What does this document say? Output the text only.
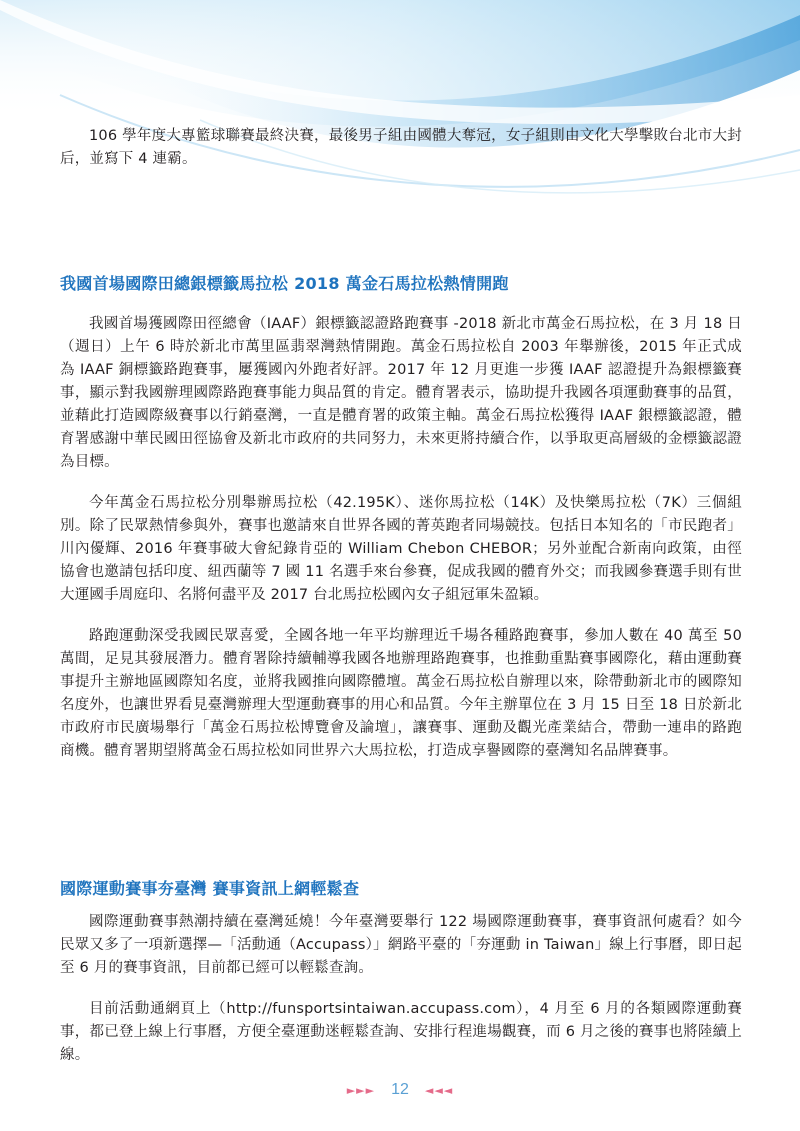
106 學年度大專籃球聯賽最終決賽，最後男子組由國體大奪冠，女子組則由文化大學擊敗台北市大封后，並寫下 4 連霸。

我國首場國際田總銀標籤馬拉松 2018 萬金石馬拉松熱情開跑

我國首場獲國際田徑總會（IAAF）銀標籤認證路跑賽事 -2018 新北市萬金石馬拉松，在 3 月 18 日（週日）上午 6 時於新北市萬里區翡翠灣熱情開跑。萬金石馬拉松自 2003 年舉辦後，2015 年正式成為 IAAF 銅標籤路跑賽事，屢獲國內外跑者好評。2017 年 12 月更進一步獲 IAAF 認證提升為銀標籤賽事，顯示對我國辦理國際路跑賽事能力與品質的肯定。體育署表示，協助提升我國各項運動賽事的品質，並藉此打造國際級賽事以行銷臺灣，一直是體育署的政策主軸。萬金石馬拉松獲得 IAAF 銀標籤認證，體育署感謝中華民國田徑協會及新北市政府的共同努力，未來更將持續合作，以爭取更高層級的金標籤認證為目標。

今年萬金石馬拉松分別舉辦馬拉松（42.195K）、迷你馬拉松（14K）及快樂馬拉松（7K）三個組別。除了民眾熱情參與外，賽事也邀請來自世界各國的菁英跑者同場競技。包括日本知名的「市民跑者」川內優輝、2016 年賽事破大會紀錄肯亞的 William Chebon CHEBOR；另外並配合新南向政策，由徑協會也邀請包括印度、紐西蘭等 7 國 11 名選手來台參賽，促成我國的體育外交；而我國參賽選手則有世大運國手周庭印、名將何盡平及 2017 台北馬拉松國內女子組冠軍朱盈穎。

路跑運動深受我國民眾喜愛，全國各地一年平均辦理近千場各種路跑賽事，參加人數在 40 萬至 50 萬間，足見其發展潛力。體育署除持續輔導我國各地辦理路跑賽事，也推動重點賽事國際化，藉由運動賽事提升主辦地區國際知名度，並將我國推向國際體壇。萬金石馬拉松自辦理以來，除帶動新北市的國際知名度外，也讓世界看見臺灣辦理大型運動賽事的用心和品質。今年主辦單位在 3 月 15 日至 18 日於新北市政府市民廣場舉行「萬金石馬拉松博覽會及論壇」，讓賽事、運動及觀光產業結合，帶動一連串的路跑商機。體育署期望將萬金石馬拉松如同世界六大馬拉松，打造成享譽國際的臺灣知名品牌賽事。

國際運動賽事夯臺灣 賽事資訊上網輕鬆查

國際運動賽事熱潮持續在臺灣延燒！今年臺灣要舉行 122 場國際運動賽事，賽事資訊何處看？如今民眾又多了一項新選擇—「活動通（Accupass）」網路平臺的「夯運動 in Taiwan」線上行事曆，即日起至 6 月的賽事資訊，目前都已經可以輕鬆查詢。

目前活動通網頁上（http://funsportsintaiwan.accupass.com），4 月至 6 月的各類國際運動賽事，都已登上線上行事曆，方便全臺運動迷輕鬆查詢、安排行程進場觀賽，而 6 月之後的賽事也將陸續上線。

►►► 12 ◄◄◄
